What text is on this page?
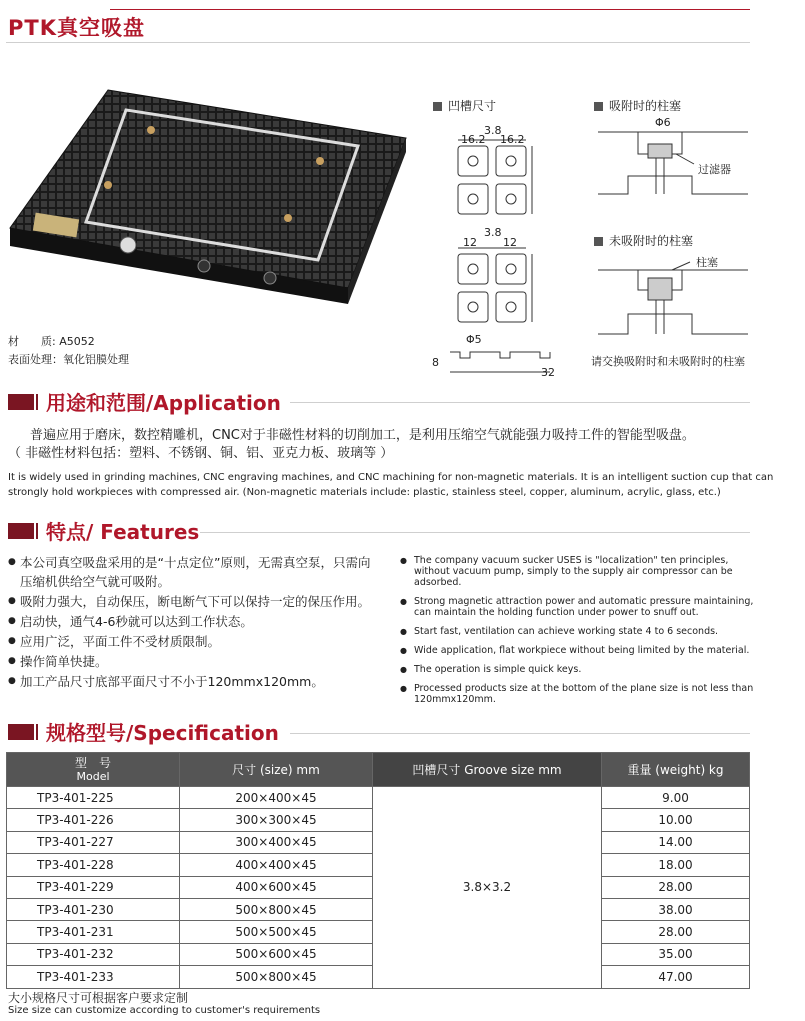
PTK真空吸盘
材　　质: A5052
表面处理：氧化铝膜处理
凹槽尺寸	吸附时的柱塞
未吸附时的柱塞
3.8
16.2 16.2
3.8
12 12
Φ5
8
32
Φ6
过滤器
柱塞
请交换吸附时和未吸附时的柱塞
用途和范围/Application
普遍应用于磨床，数控精雕机，CNC对于非磁性材料的切削加工，是利用压缩空气就能强力吸持工件的智能型吸盘。
（ 非磁性材料包括：塑料、不锈钢、铜、铝、亚克力板、玻璃等 ）
It is widely used in grinding machines, CNC engraving machines, and CNC machining for non-magnetic materials. It is an intelligent suction cup that can strongly hold workpieces with compressed air. (Non-magnetic materials include: plastic, stainless steel, copper, aluminum, acrylic, glass, etc.)
特点/ Features
● 本公司真空吸盘采用的是“十点定位”原则，无需真空泵，只需向压缩机供给空气就可吸附。
● 吸附力强大，自动保压，断电断气下可以保持一定的保压作用。
● 启动快，通气4-6秒就可以达到工作状态。
● 应用广泛，平面工件不受材质限制。
● 操作简单快捷。
● 加工产品尺寸底部平面尺寸不小于120mmx120mm。
● The company vacuum sucker USES is "localization" ten principles, without vacuum pump, simply to the supply air compressor can be adsorbed.
● Strong magnetic attraction power and automatic pressure maintaining, can maintain the holding function under power to snuff out.
● Start fast, ventilation can achieve working state 4 to 6 seconds.
● Wide application, flat workpiece without being limited by the material.
● The operation is simple quick keys.
● Processed products size at the bottom of the plane size is not less than 120mmx120mm.
规格型号/Specification
型　号
Model	尺寸 (size) mm	凹槽尺寸 Groove size mm	重量 (weight) kg
TP3-401-225	200×400×45	3.8×3.2	9.00
TP3-401-226	300×300×45		10.00
TP3-401-227	300×400×45		14.00
TP3-401-228	400×400×45		18.00
TP3-401-229	400×600×45		28.00
TP3-401-230	500×800×45		38.00
TP3-401-231	500×500×45		28.00
TP3-401-232	500×600×45		35.00
TP3-401-233	500×800×45		47.00
大小规格尺寸可根据客户要求定制
Size size can customize according to customer's requirements
